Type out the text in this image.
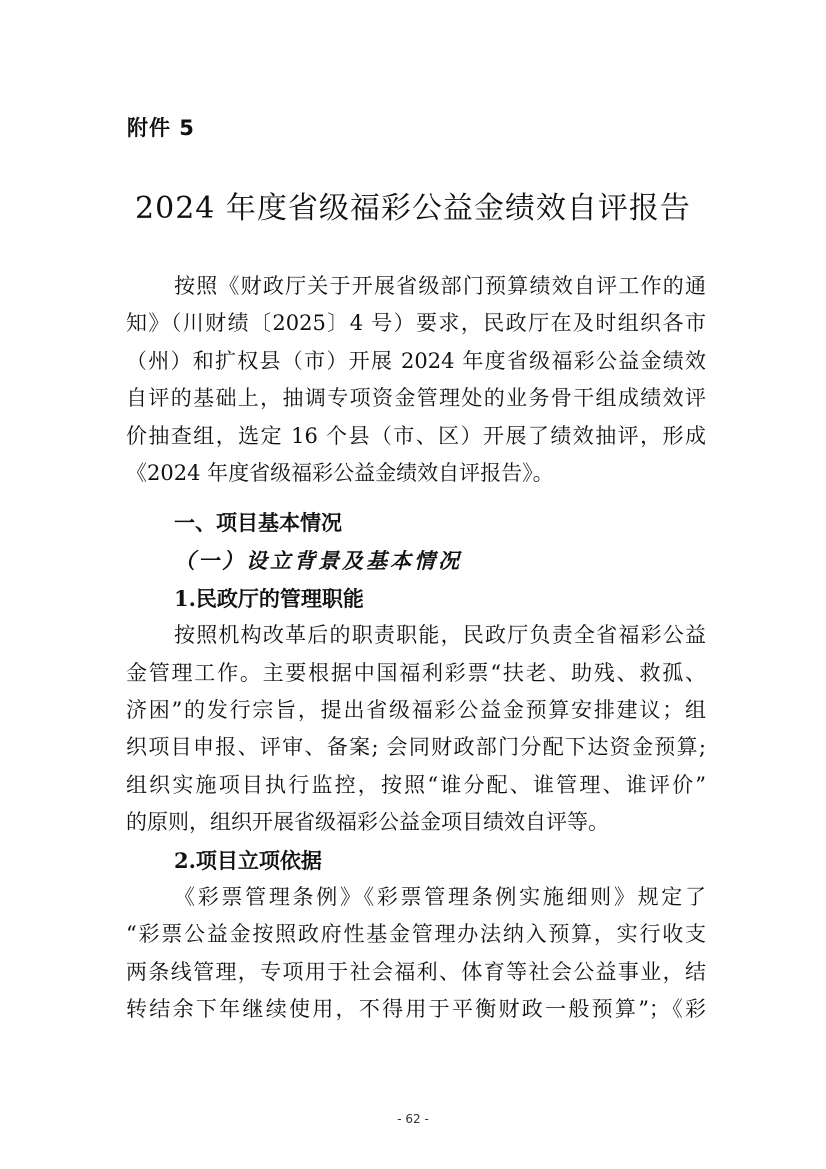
附件 5
2024 年度省级福彩公益金绩效自评报告
按照《财政厅关于开展省级部门预算绩效自评工作的通
知》（川财绩〔2025〕4 号）要求，民政厅在及时组织各市
（州）和扩权县（市）开展 2024 年度省级福彩公益金绩效
自评的基础上，抽调专项资金管理处的业务骨干组成绩效评
价抽查组，选定 16 个县（市、区）开展了绩效抽评，形成
《2024 年度省级福彩公益金绩效自评报告》。
一、项目基本情况
（一）设立背景及基本情况
1.民政厅的管理职能
按照机构改革后的职责职能，民政厅负责全省福彩公益
金管理工作。主要根据中国福利彩票“扶老、助残、救孤、
济困”的发行宗旨，提出省级福彩公益金预算安排建议；组
织项目申报、评审、备案; 会同财政部门分配下达资金预算;
组织实施项目执行监控，按照“谁分配、谁管理、谁评价”
的原则，组织开展省级福彩公益金项目绩效自评等。
2.项目立项依据
《彩票管理条例》《彩票管理条例实施细则》规定了
“彩票公益金按照政府性基金管理办法纳入预算，实行收支
两条线管理，专项用于社会福利、体育等社会公益事业，结
转结余下年继续使用，不得用于平衡财政一般预算”；《彩
- 62 -
